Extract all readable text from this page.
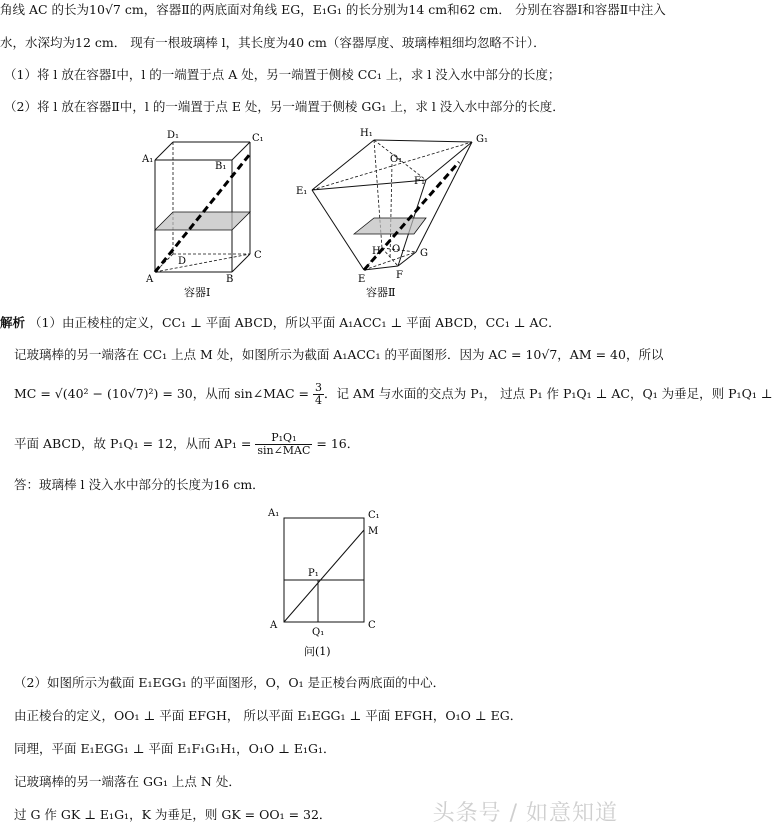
角线 AC 的长为10√7 cm，容器Ⅱ的两底面对角线 EG，E₁G₁ 的长分别为14 cm和62 cm． 分别在容器Ⅰ和容器Ⅱ中注入
水，水深均为12 cm． 现有一根玻璃棒 l，其长度为40 cm（容器厚度、玻璃棒粗细均忽略不计）．
（1）将 l 放在容器Ⅰ中，l 的一端置于点 A 处，另一端置于侧棱 CC₁ 上，求 l 没入水中部分的长度；
（2）将 l 放在容器Ⅱ中，l 的一端置于点 E 处，另一端置于侧棱 GG₁ 上，求 l 没入水中部分的长度．
D₁	C₁
A₁
B₁
D
C
A	B
容器Ⅰ
H₁
G₁
O₁
F₁
E₁
H O G
E	F
容器Ⅱ
解析 （1）由正棱柱的定义，CC₁ ⊥ 平面 ABCD，所以平面 A₁ACC₁ ⊥ 平面 ABCD，CC₁ ⊥ AC．
记玻璃棒的另一端落在 CC₁ 上点 M 处，如图所示为截面 A₁ACC₁ 的平面图形．因为 AC = 10√7，AM = 40，所以
MC = √(40² − (10√7)²) = 30，从而 sin∠MAC = $\frac{3}{4}$ ．记 AM 与水面的交点为 P₁， 过点 P₁ 作 P₁Q₁ ⊥ AC，Q₁ 为垂足，则 P₁Q₁ ⊥
平面 ABCD，故 P₁Q₁ = 12，从而 $AP_1 = \frac{\text{P₁Q₁}}{\text{sin∠MAC}} = 16$．
答：玻璃棒 l 没入水中部分的长度为16 cm．
A₁	C₁
M
P₁
A
Q₁
C
问(1)
（2）如图所示为截面 E₁EGG₁ 的平面图形，O，O₁ 是正棱台两底面的中心．
由正棱台的定义，OO₁ ⊥ 平面 EFGH， 所以平面 E₁EGG₁ ⊥ 平面 EFGH，O₁O ⊥ EG．
同理，平面 E₁EGG₁ ⊥ 平面 E₁F₁G₁H₁，O₁O ⊥ E₁G₁．
记玻璃棒的另一端落在 GG₁ 上点 N 处．
过 G 作 GK ⊥ E₁G₁，K 为垂足，则 GK = OO₁ = 32．	头条号 / 如意知道
